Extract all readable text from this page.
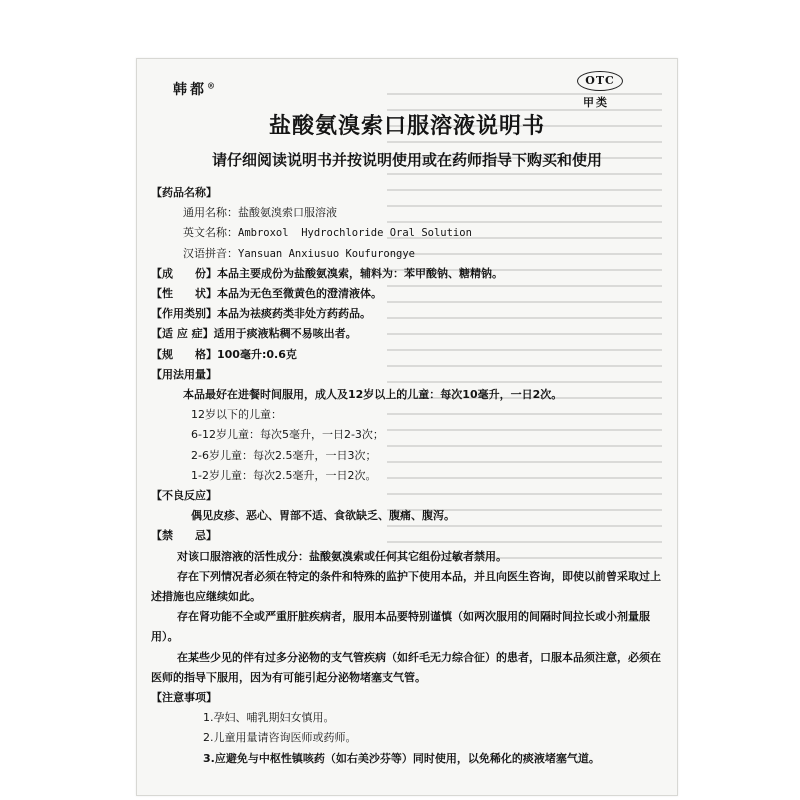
韩都®	OTC
甲类
盐酸氨溴索口服溶液说明书
请仔细阅读说明书并按说明使用或在药师指导下购买和使用
【药品名称】
通用名称：盐酸氨溴索口服溶液
英文名称：Ambroxol  Hydrochloride Oral Solution
汉语拼音：Yansuan Anxiusuo Koufurongye
【成　　份】本品主要成份为盐酸氨溴索，辅料为：苯甲酸钠、糖精钠。
【性　　状】本品为无色至微黄色的澄清液体。
【作用类别】本品为祛痰药类非处方药药品。
【适 应 症】适用于痰液粘稠不易咳出者。
【规　　格】100毫升:0.6克
【用法用量】
本品最好在进餐时间服用，成人及12岁以上的儿童：每次10毫升，一日2次。
12岁以下的儿童：
6-12岁儿童：每次5毫升，一日2-3次；
2-6岁儿童：每次2.5毫升，一日3次；
1-2岁儿童：每次2.5毫升，一日2次。
【不良反应】
偶见皮疹、恶心、胃部不适、食欲缺乏、腹痛、腹泻。
【禁　　忌】
对该口服溶液的活性成分：盐酸氨溴索或任何其它组份过敏者禁用。
存在下列情况者必须在特定的条件和特殊的监护下使用本品，并且向医生咨询，即使以前曾采取过上述措施也应继续如此。
存在肾功能不全或严重肝脏疾病者，服用本品要特别谨慎（如两次服用的间隔时间拉长或小剂量服用）。
在某些少见的伴有过多分泌物的支气管疾病（如纤毛无力综合征）的患者，口服本品须注意，必须在医师的指导下服用，因为有可能引起分泌物堵塞支气管。
【注意事项】
1.孕妇、哺乳期妇女慎用。
2.儿童用量请咨询医师或药师。
3.应避免与中枢性镇咳药（如右美沙芬等）同时使用，以免稀化的痰液堵塞气道。
